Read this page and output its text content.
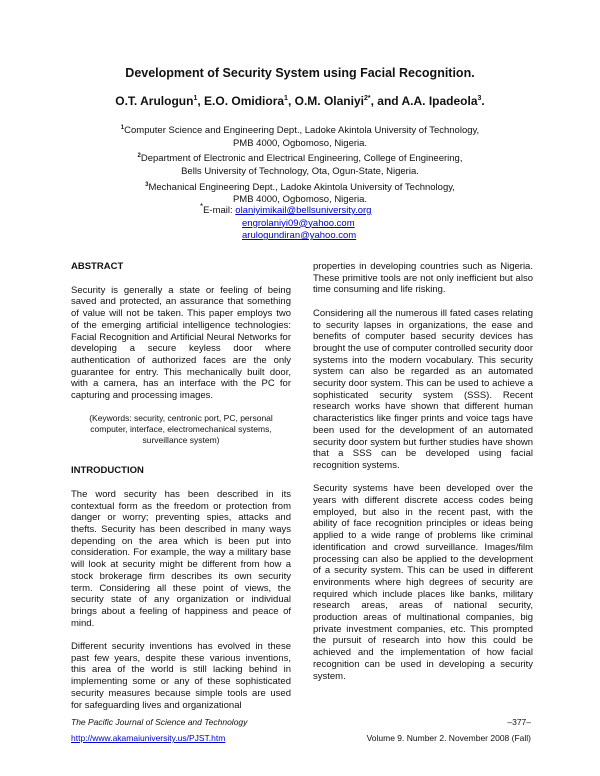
Development of Security System using Facial Recognition.
O.T. Arulogun$^1$, E.O. Omidiora$^1$, O.M. Olaniyi$^{2*}$, and A.A. Ipadeola$^3$.
$^1$Computer Science and Engineering Dept., Ladoke Akintola University of Technology,
PMB 4000, Ogbomoso, Nigeria.
$^2$Department of Electronic and Electrical Engineering, College of Engineering,
Bells University of Technology, Ota, Ogun-State, Nigeria.
$^3$Mechanical Engineering Dept., Ladoke Akintola University of Technology,
PMB 4000, Ogbomoso, Nigeria.
*E-mail: olaniyimikail@bellsuniversity.org
engrolaniyi09@yahoo.com
arulogundiran@yahoo.com
ABSTRACT

Security is generally a state or feeling of being saved and protected, an assurance that something of value will not be taken. This paper employs two of the emerging artificial intelligence technologies: Facial Recognition and Artificial Neural Networks for developing a secure keyless door where authentication of authorized faces are the only guarantee for entry. This mechanically built door, with a camera, has an interface with the PC for capturing and processing images.

(Keywords: security, centronic port, PC, personal computer, interface, electromechanical systems, surveillance system)

INTRODUCTION

The word security has been described in its contextual form as the freedom or protection from danger or worry; preventing spies, attacks and thefts. Security has been described in many ways depending on the area which is been put into consideration. For example, the way a military base will look at security might be different from how a stock brokerage firm describes its own security term. Considering all these point of views, the security state of any organization or individual brings about a feeling of happiness and peace of mind.

Different security inventions has evolved in these past few years, despite these various inventions, this area of the world is still lacking behind in implementing some or any of these sophisticated security measures because simple tools are used for safeguarding lives and organizational

properties in developing countries such as Nigeria. These primitive tools are not only inefficient but also time consuming and life risking.

Considering all the numerous ill fated cases relating to security lapses in organizations, the ease and benefits of computer based security devices has brought the use of computer controlled security door systems into the modern vocabulary. This security system can also be regarded as an automated security door system. This can be used to achieve a sophisticated security system (SSS). Recent research works have shown that different human characteristics like finger prints and voice tags have been used for the development of an automated security door system but further studies have shown that a SSS can be developed using facial recognition systems.

Security systems have been developed over the years with different discrete access codes being employed, but also in the recent past, with the ability of face recognition principles or ideas being applied to a wide range of problems like criminal identification and crowd surveillance. Images/film processing can also be applied to the development of a security system. This can be used in different environments where high degrees of security are required which include places like banks, military research areas, areas of national security, production areas of multinational companies, big private investment companies, etc. This prompted the pursuit of research into how this could be achieved and the implementation of how facial recognition can be used in developing a security system.

The Pacific Journal of Science and Technology
http://www.akamaiuniversity.us/PJST.htm
–377–
Volume 9. Number 2. November 2008 (Fall)
